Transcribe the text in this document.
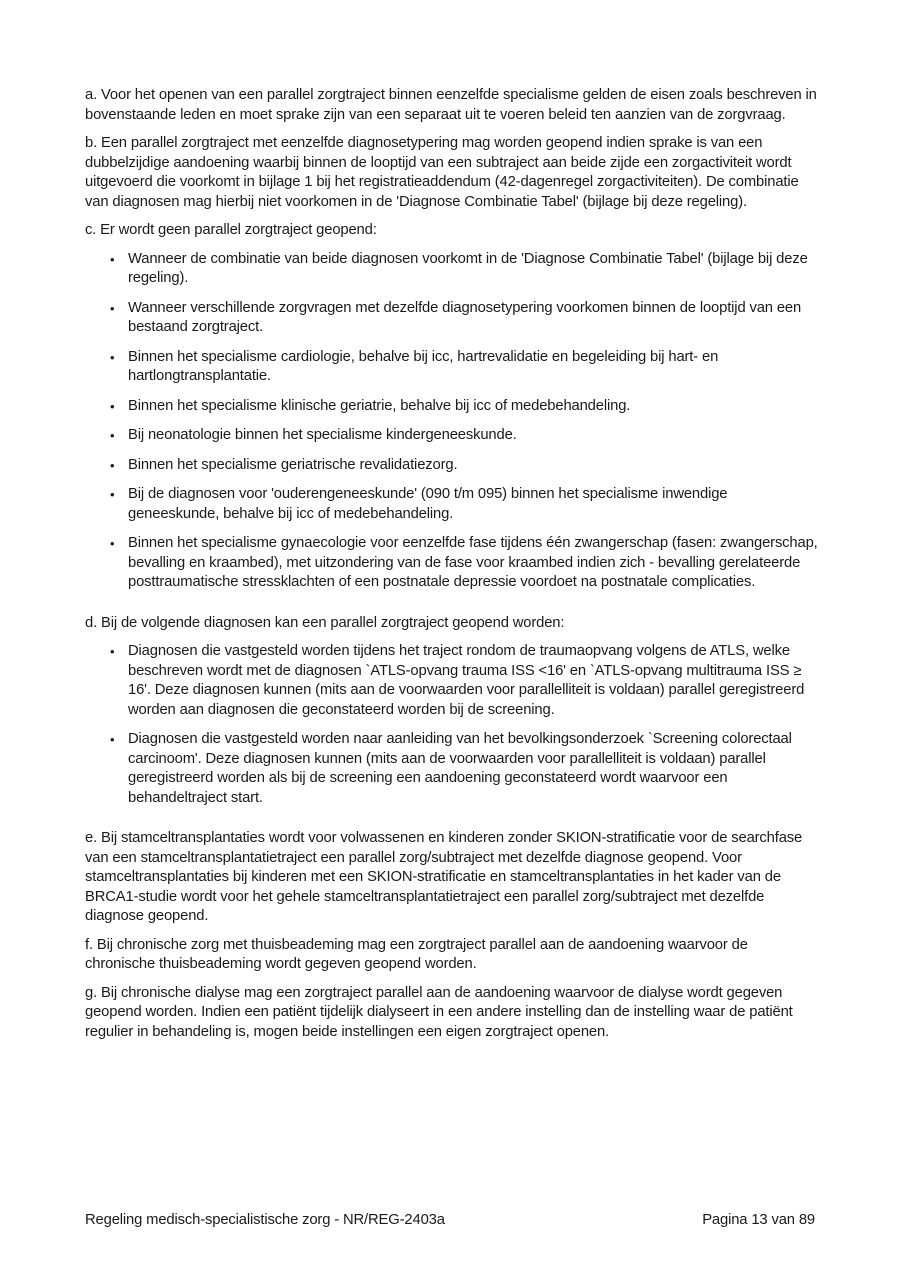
a. Voor het openen van een parallel zorgtraject binnen eenzelfde specialisme gelden de eisen zoals beschreven in bovenstaande leden en moet sprake zijn van een separaat uit te voeren beleid ten aanzien van de zorgvraag.

b. Een parallel zorgtraject met eenzelfde diagnosetypering mag worden geopend indien sprake is van een dubbelzijdige aandoening waarbij binnen de looptijd van een subtraject aan beide zijde een zorgactiviteit wordt uitgevoerd die voorkomt in bijlage 1 bij het registratieaddendum (42-dagenregel zorgactiviteiten). De combinatie van diagnosen mag hierbij niet voorkomen in de 'Diagnose Combinatie Tabel' (bijlage bij deze regeling).

c. Er wordt geen parallel zorgtraject geopend:

• Wanneer de combinatie van beide diagnosen voorkomt in de 'Diagnose Combinatie Tabel' (bijlage bij deze regeling).
• Wanneer verschillende zorgvragen met dezelfde diagnosetypering voorkomen binnen de looptijd van een bestaand zorgtraject.
• Binnen het specialisme cardiologie, behalve bij icc, hartrevalidatie en begeleiding bij hart- en hartlongtransplantatie.
• Binnen het specialisme klinische geriatrie, behalve bij icc of medebehandeling.
• Bij neonatologie binnen het specialisme kindergeneeskunde.
• Binnen het specialisme geriatrische revalidatiezorg.
• Bij de diagnosen voor 'ouderengeneeskunde' (090 t/m 095) binnen het specialisme inwendige geneeskunde, behalve bij icc of medebehandeling.
• Binnen het specialisme gynaecologie voor eenzelfde fase tijdens één zwangerschap (fasen: zwangerschap, bevalling en kraambed), met uitzondering van de fase voor kraambed indien zich - bevalling gerelateerde posttraumatische stressklachten of een postnatale depressie voordoet na postnatale complicaties.

d. Bij de volgende diagnosen kan een parallel zorgtraject geopend worden:

• Diagnosen die vastgesteld worden tijdens het traject rondom de traumaopvang volgens de ATLS, welke beschreven wordt met de diagnosen `ATLS-opvang trauma ISS <16' en `ATLS-opvang multitrauma ISS ≥ 16'. Deze diagnosen kunnen (mits aan de voorwaarden voor parallelliteit is voldaan) parallel geregistreerd worden aan diagnosen die geconstateerd worden bij de screening.
• Diagnosen die vastgesteld worden naar aanleiding van het bevolkingsonderzoek `Screening colorectaal carcinoom'. Deze diagnosen kunnen (mits aan de voorwaarden voor parallelliteit is voldaan) parallel geregistreerd worden als bij de screening een aandoening geconstateerd wordt waarvoor een behandeltraject start.

e. Bij stamceltransplantaties wordt voor volwassenen en kinderen zonder SKION-stratificatie voor de searchfase van een stamceltransplantatietraject een parallel zorg/subtraject met dezelfde diagnose geopend. Voor stamceltransplantaties bij kinderen met een SKION-stratificatie en stamceltransplantaties in het kader van de BRCA1-studie wordt voor het gehele stamceltransplantatietraject een parallel zorg/subtraject met dezelfde diagnose geopend.

f. Bij chronische zorg met thuisbeademing mag een zorgtraject parallel aan de aandoening waarvoor de chronische thuisbeademing wordt gegeven geopend worden.

g. Bij chronische dialyse mag een zorgtraject parallel aan de aandoening waarvoor de dialyse wordt gegeven geopend worden. Indien een patiënt tijdelijk dialyseert in een andere instelling dan de instelling waar de patiënt regulier in behandeling is, mogen beide instellingen een eigen zorgtraject openen.

Regeling medisch-specialistische zorg - NR/REG-2403a	Pagina 13 van 89
